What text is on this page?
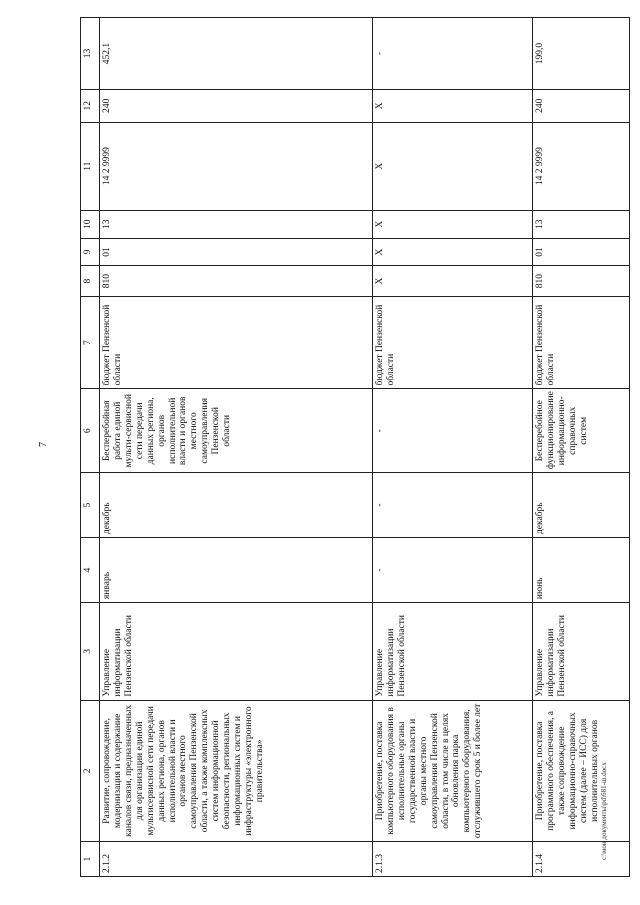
7
1	2	3	4	5	6	7	8	9	10	11	12	13
2.1.2	Развитие, сопровождение, модернизация и содержание каналов связи, предназначенных для организации единой мультисервисной сети передачи данных региона, органов исполнительной власти и органов местного самоуправления Пензенской области, а также комплексных систем информационной безопасности, региональных информационных систем и инфраструктуры «электронного правительства»	Управление информатизации Пензенской области	январь	декабрь	Бесперебойная работа единой мульти-сервисной сети передачи данных региона, органов исполнительной власти и органов местного самоуправления Пензенской области	бюджет Пензенской области	810	01	13	14 2 9999	240	452,1
2.1.3	Приобретение, поставка компьютерного оборудования в исполнительные органы государственной власти и органы местного самоуправления Пензенской области, в том числе в целях обновления парка компьютерного оборудования, отслужившего срок 5 и более лет	Управление информатизации Пензенской области	-	-	-	бюджет Пензенской области	X	X	X	X	X	-
2.1.4	Приобретение, поставка программного обеспечения, а также сопровождение информационно-справочных систем (далее – ИСС) для исполнительных органов	Управление информатизации Пензенской области	июнь	декабрь	Бесперебойное функционирование информационно-справочных систем	бюджет Пензенской области	810	01	13	14 2 9999	240	199,0
c:\мои документы\pd\681-ш.docx
